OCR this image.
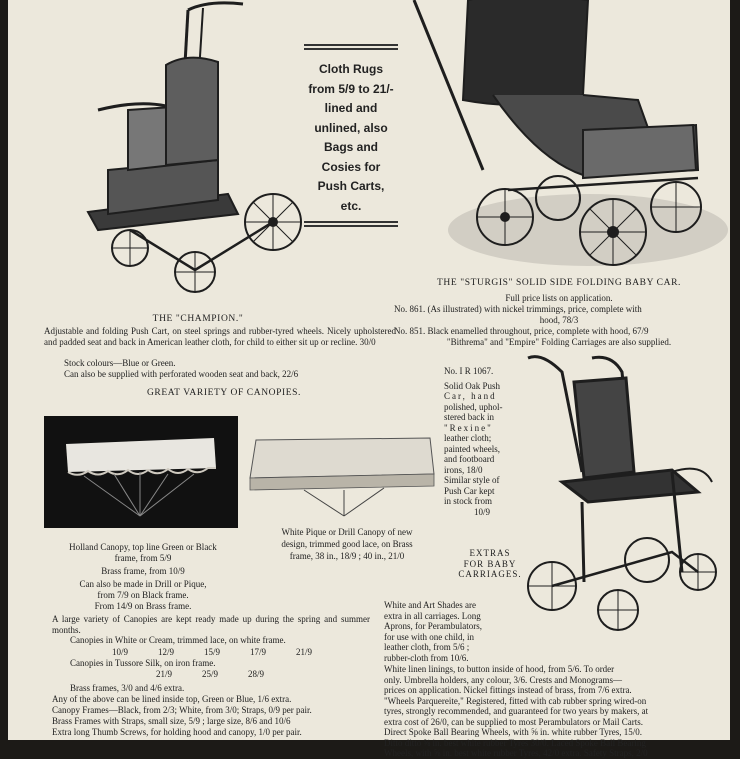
Cloth Rugs
from 5/9 to 21/-
lined and
unlined, also
Bags and
Cosies for
Push Carts,
etc.
THE "CHAMPION."
Adjustable and folding Push Cart, on steel springs and rubber-tyred wheels. Nicely upholstered and padded seat and back in American leather cloth, for child to either sit up or recline. 30/0
Stock colours—Blue or Green.
Can also be supplied with perforated wooden seat and back, 22/6
THE "STURGIS" SOLID SIDE FOLDING BABY CAR.
Full price lists on application.
No. 861. (As illustrated) with nickel trimmings, price, complete with
hood, 78/3
No. 851. Black enamelled throughout, price, complete with hood, 67/9
"Bithrema" and "Empire" Folding Carriages are also supplied.
GREAT VARIETY OF CANOPIES.
Holland Canopy, top line Green or Black
frame, from 5/9
Brass frame, from 10/9
Can also be made in Drill or Pique,
from 7/9 on Black frame.
From 14/9 on Brass frame.
White Pique or Drill Canopy of new
design, trimmed good lace, on Brass
frame, 38 in., 18/9 ; 40 in., 21/0
A large variety of Canopies are kept ready made up during the spring and summer months.
Canopies in White or Cream, trimmed lace, on white frame.
10/9	12/9	15/9	17/9	21/9
Canopies in Tussore Silk, on iron frame.
21/9	25/9	28/9
Brass frames, 3/0 and 4/6 extra.
Any of the above can be lined inside top, Green or Blue, 1/6 extra.
Canopy Frames—Black, from 2/3; White, from 3/0; Straps, 0/9 per pair.
Brass Frames with Straps, small size, 5/9 ; large size, 8/6 and 10/6
Extra long Thumb Screws, for holding hood and canopy, 1/0 per pair.
No. I R 1067.
Solid Oak Push
Car, hand
polished, uphol-
stered back in
"Rexine"
leather cloth;
painted wheels,
and footboard
irons, 18/0
Similar style of
Push Car kept
in stock from
10/9
EXTRAS
FOR BABY
CARRIAGES.
White and Art Shades are
extra in all carriages. Long
Aprons, for Perambulators,
for use with one child, in
leather cloth, from 5/6 ;
rubber-cloth from 10/6.
White linen linings, to button inside of hood, from 5/6. To order
only. Umbrella holders, any colour, 3/6. Crests and Monograms—
prices on application. Nickel fittings instead of brass, from 7/6 extra.
"Wheels Parquereite," Registered, fitted with cab rubber spring wired-on
tyres, strongly recommended, and guaranteed for two years by makers, at
extra cost of 26/0, can be supplied to most Perambulators or Mail Carts.
Direct Spoke Ball Bearing Wheels, with ⅝ in. white rubber Tyres, 15/0.
Ditto ditto ⅝ in. best white rubber Tyres 30/0. Laced Spoke Ball Bearing
Wheels, with ⅝ in. best white rubber Tyres, 42/0 extra. Safety Straps, 2/0
